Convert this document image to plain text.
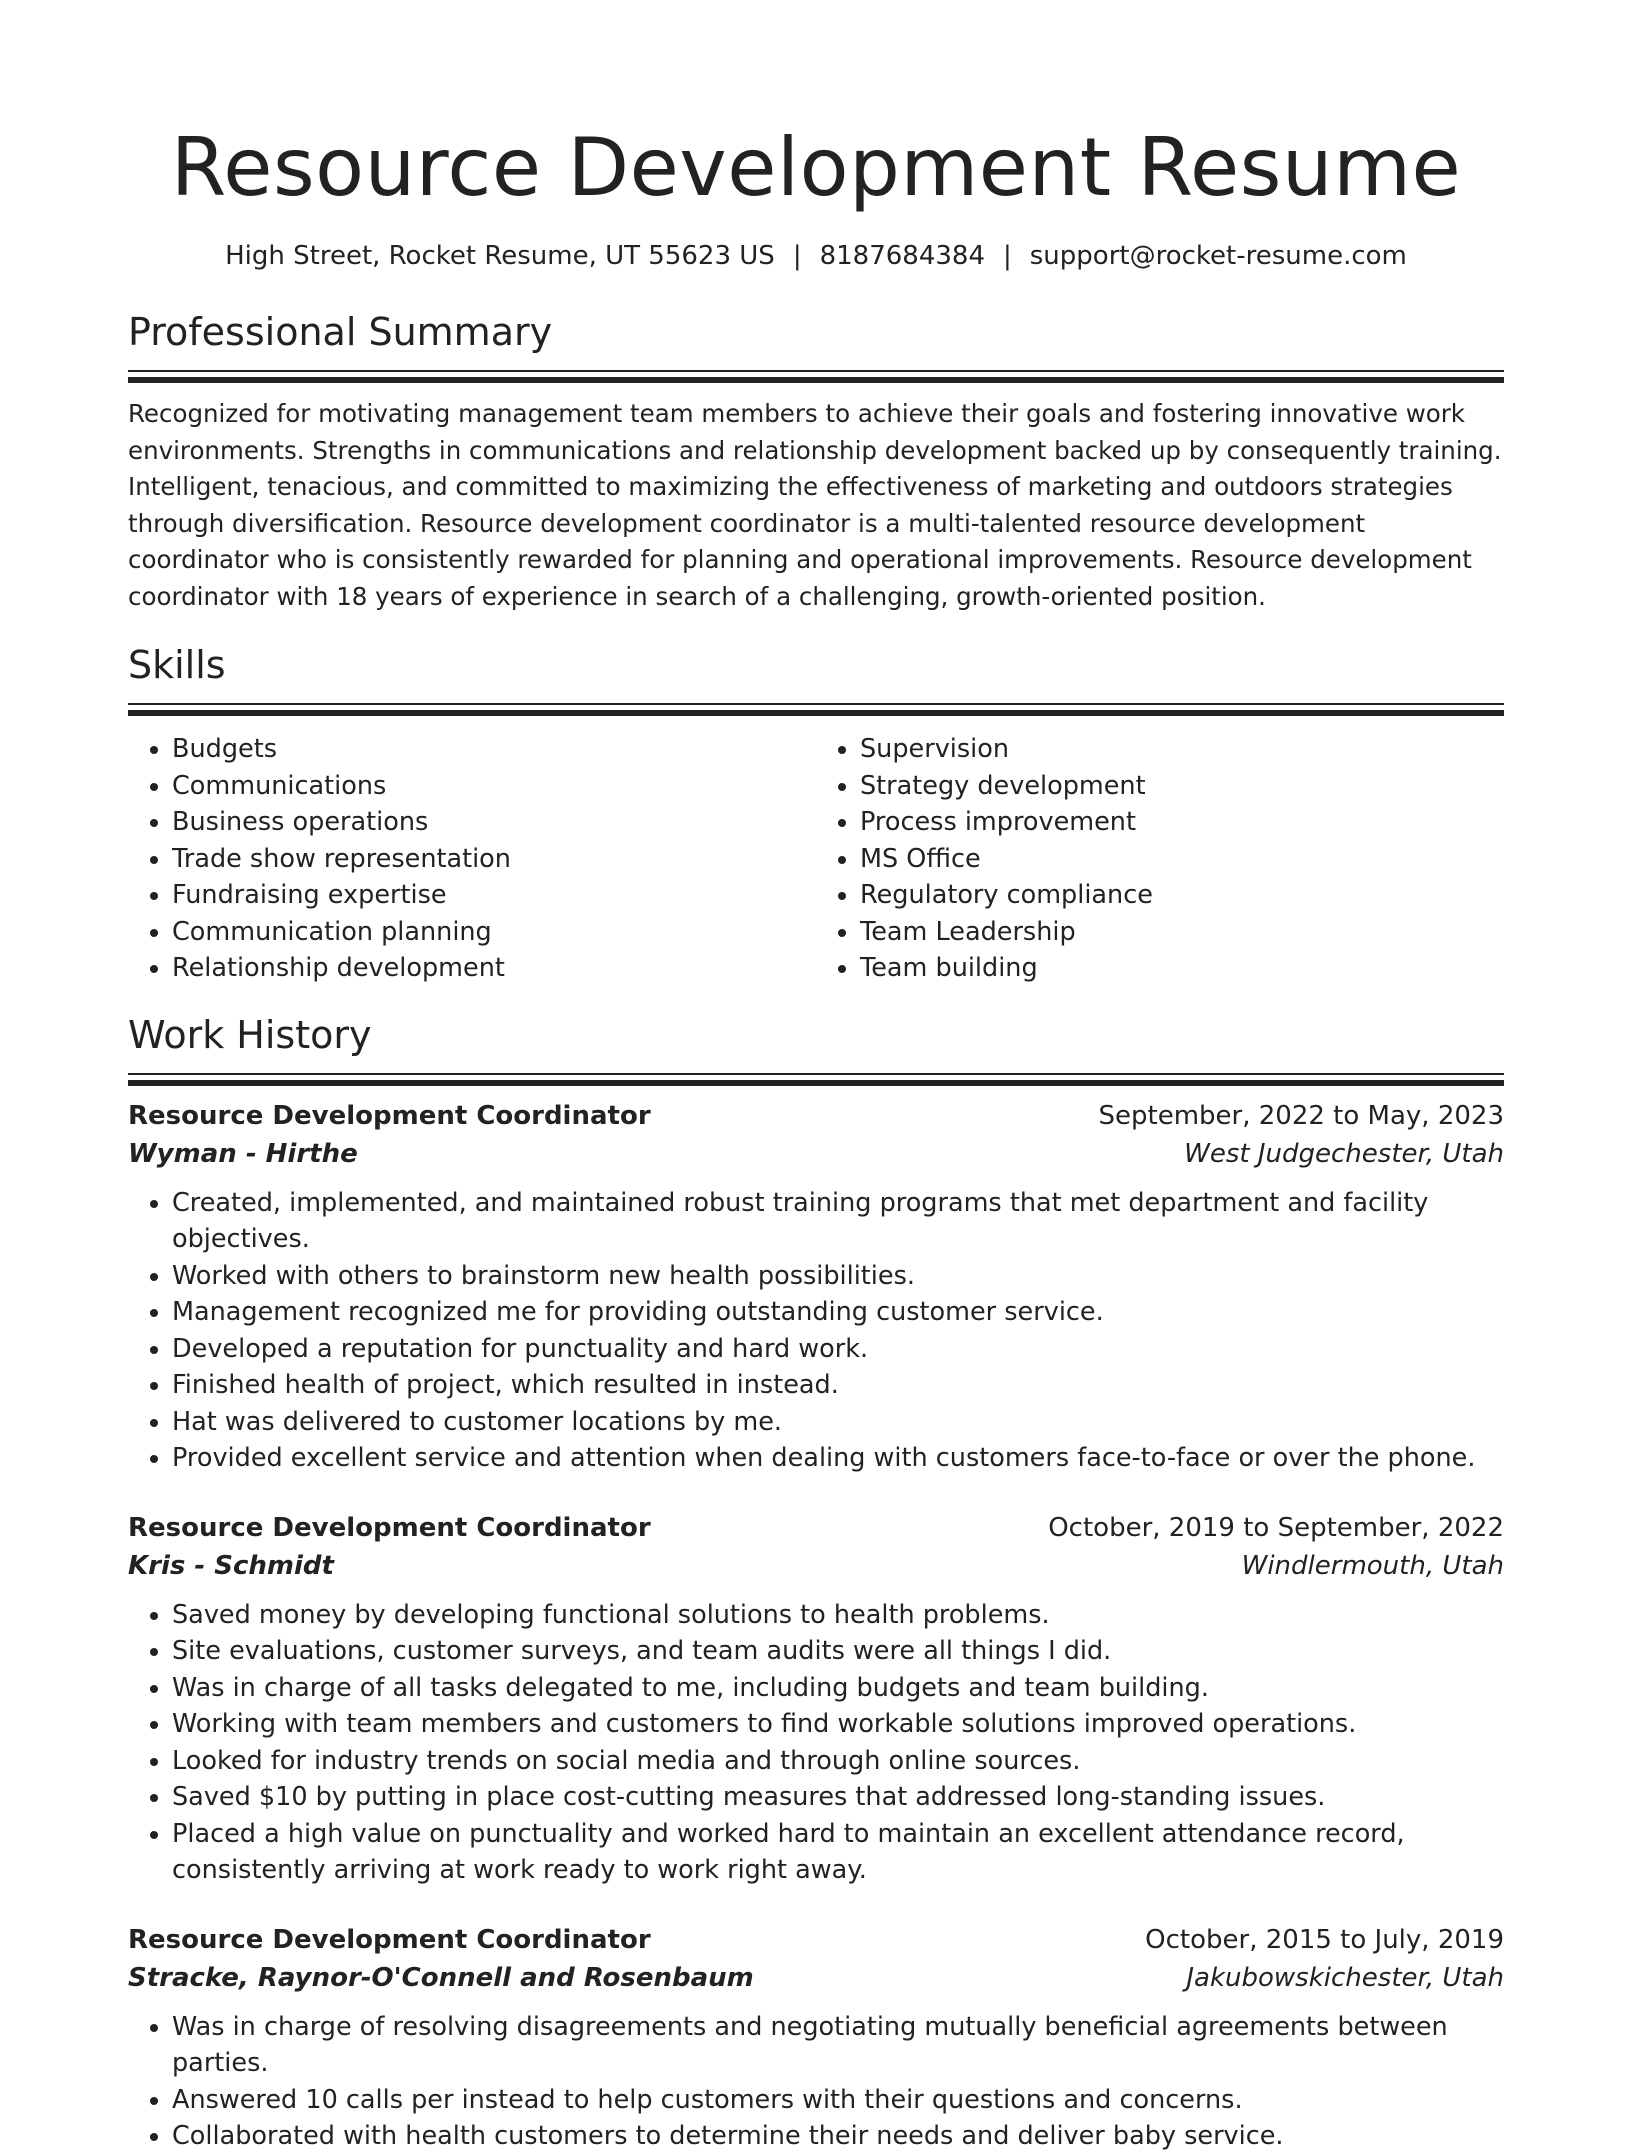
Resource Development Resume
High Street, Rocket Resume, UT 55623 US | 8187684384 | support@rocket-resume.com
Professional Summary

Recognized for motivating management team members to achieve their goals and fostering innovative work environments. Strengths in communications and relationship development backed up by consequently training. Intelligent, tenacious, and committed to maximizing the effectiveness of marketing and outdoors strategies through diversification. Resource development coordinator is a multi-talented resource development coordinator who is consistently rewarded for planning and operational improvements. Resource development coordinator with 18 years of experience in search of a challenging, growth-oriented position.

Skills
• Budgets
• Communications
• Business operations
• Trade show representation
• Fundraising expertise
• Communication planning
• Relationship development
• Supervision
• Strategy development
• Process improvement
• MS Office
• Regulatory compliance
• Team Leadership
• Team building
Work History
Resource Development Coordinator	September, 2022 to May, 2023
Wyman - Hirthe	West Judgechester, Utah
• Created, implemented, and maintained robust training programs that met department and facility objectives.
• Worked with others to brainstorm new health possibilities.
• Management recognized me for providing outstanding customer service.
• Developed a reputation for punctuality and hard work.
• Finished health of project, which resulted in instead.
• Hat was delivered to customer locations by me.
• Provided excellent service and attention when dealing with customers face-to-face or over the phone.
Resource Development Coordinator	October, 2019 to September, 2022
Kris - Schmidt	Windlermouth, Utah
• Saved money by developing functional solutions to health problems.
• Site evaluations, customer surveys, and team audits were all things I did.
• Was in charge of all tasks delegated to me, including budgets and team building.
• Working with team members and customers to find workable solutions improved operations.
• Looked for industry trends on social media and through online sources.
• Saved $10 by putting in place cost-cutting measures that addressed long-standing issues.
• Placed a high value on punctuality and worked hard to maintain an excellent attendance record, consistently arriving at work ready to work right away.
Resource Development Coordinator	October, 2015 to July, 2019
Stracke, Raynor-O'Connell and Rosenbaum	Jakubowskichester, Utah
• Was in charge of resolving disagreements and negotiating mutually beneficial agreements between parties.
• Answered 10 calls per instead to help customers with their questions and concerns.
• Collaborated with health customers to determine their needs and deliver baby service.
